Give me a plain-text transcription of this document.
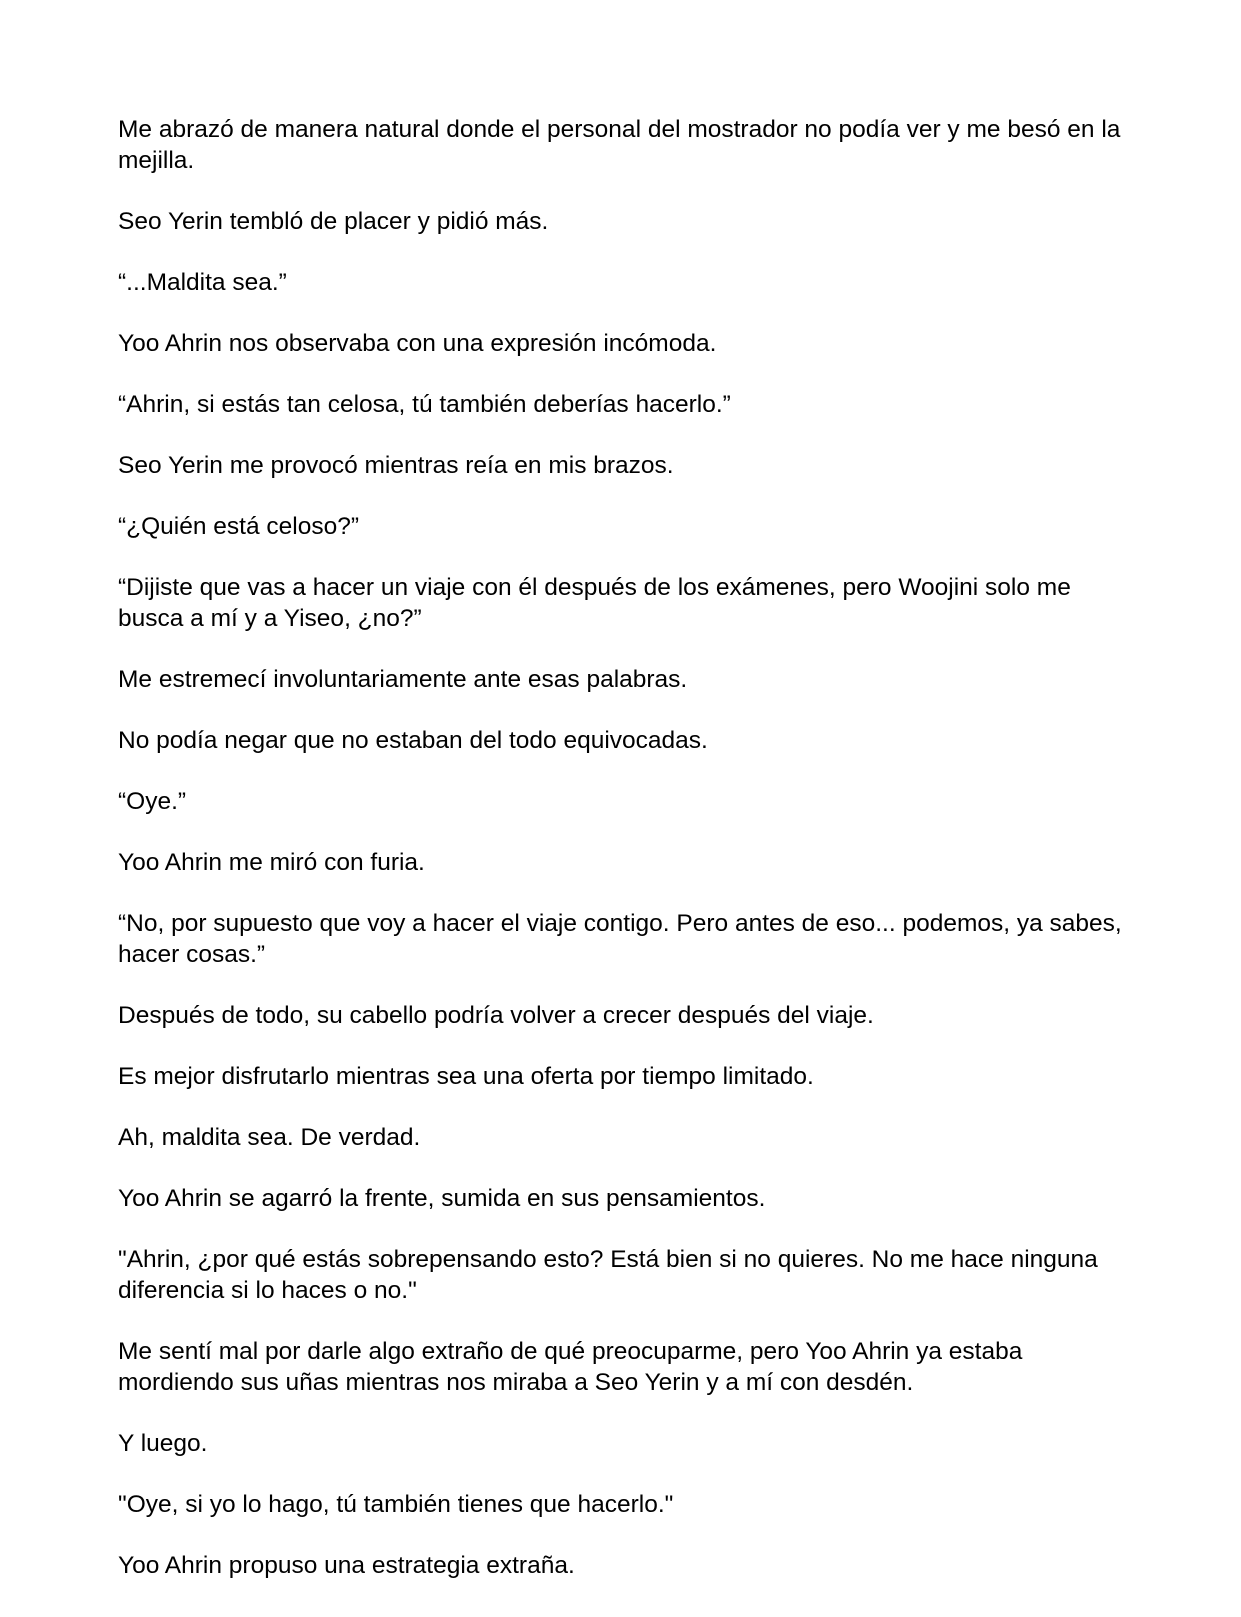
Me abrazó de manera natural donde el personal del mostrador no podía ver y me besó en la mejilla.

Seo Yerin tembló de placer y pidió más.

“...Maldita sea.”

Yoo Ahrin nos observaba con una expresión incómoda.

“Ahrin, si estás tan celosa, tú también deberías hacerlo.”

Seo Yerin me provocó mientras reía en mis brazos.

“¿Quién está celoso?”

“Dijiste que vas a hacer un viaje con él después de los exámenes, pero Woojini solo me busca a mí y a Yiseo, ¿no?”

Me estremecí involuntariamente ante esas palabras.

No podía negar que no estaban del todo equivocadas.

“Oye.”

Yoo Ahrin me miró con furia.

“No, por supuesto que voy a hacer el viaje contigo. Pero antes de eso... podemos, ya sabes, hacer cosas.”

Después de todo, su cabello podría volver a crecer después del viaje.

Es mejor disfrutarlo mientras sea una oferta por tiempo limitado.

Ah, maldita sea. De verdad.

Yoo Ahrin se agarró la frente, sumida en sus pensamientos.

"Ahrin, ¿por qué estás sobrepensando esto? Está bien si no quieres. No me hace ninguna diferencia si lo haces o no."

Me sentí mal por darle algo extraño de qué preocuparme, pero Yoo Ahrin ya estaba mordiendo sus uñas mientras nos miraba a Seo Yerin y a mí con desdén.

Y luego.

"Oye, si yo lo hago, tú también tienes que hacerlo."

Yoo Ahrin propuso una estrategia extraña.
